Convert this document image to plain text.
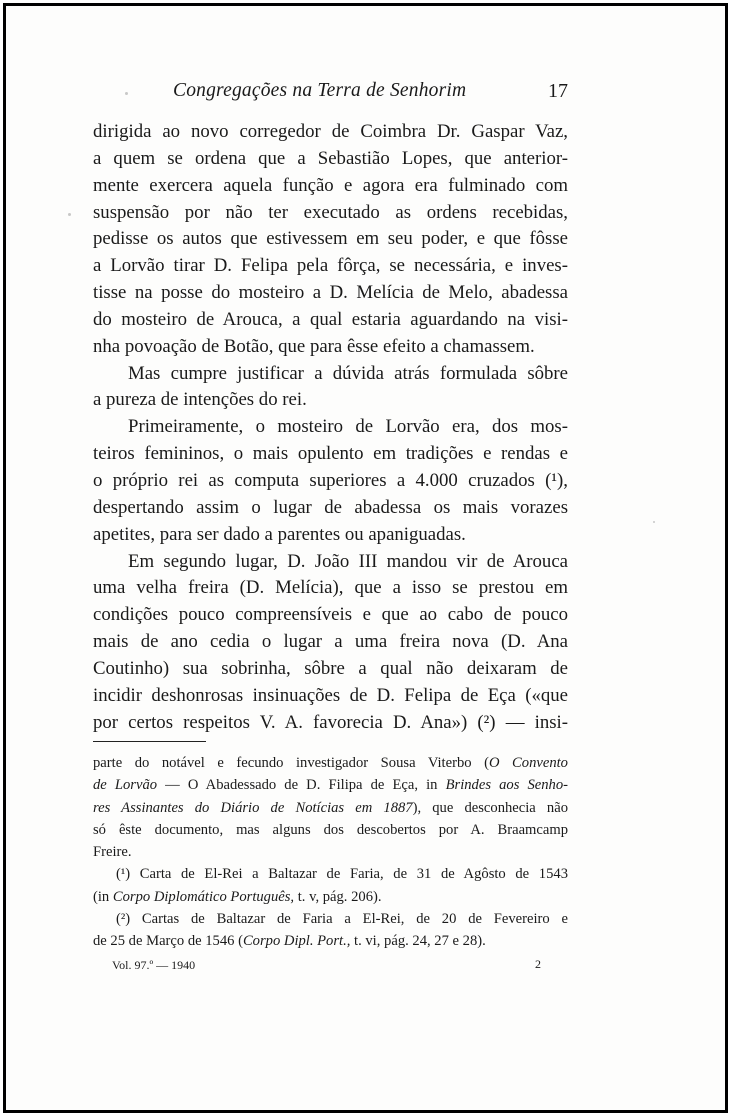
Congregações na Terra de Senhorim	17
dirigida ao novo corregedor de Coimbra Dr. Gaspar Vaz,
a quem se ordena que a Sebastião Lopes, que anterior-
mente exercera aquela função e agora era fulminado com
suspensão por não ter executado as ordens recebidas,
pedisse os autos que estivessem em seu poder, e que fôsse
a Lorvão tirar D. Felipa pela fôrça, se necessária, e inves-
tisse na posse do mosteiro a D. Melícia de Melo, abadessa
do mosteiro de Arouca, a qual estaria aguardando na visi-
nha povoação de Botão, que para êsse efeito a chamassem.
Mas cumpre justificar a dúvida atrás formulada sôbre
a pureza de intenções do rei.
Primeiramente, o mosteiro de Lorvão era, dos mos-
teiros femininos, o mais opulento em tradições e rendas e
o próprio rei as computa superiores a 4.000 cruzados (¹),
despertando assim o lugar de abadessa os mais vorazes
apetites, para ser dado a parentes ou apaniguadas.
Em segundo lugar, D. João III mandou vir de Arouca
uma velha freira (D. Melícia), que a isso se prestou em
condições pouco compreensíveis e que ao cabo de pouco
mais de ano cedia o lugar a uma freira nova (D. Ana
Coutinho) sua sobrinha, sôbre a qual não deixaram de
incidir deshonrosas insinuações de D. Felipa de Eça («que
por certos respeitos V. A. favorecia D. Ana») (²) — insi-
parte do notável e fecundo investigador Sousa Viterbo (O Convento
de Lorvão — O Abadessado de D. Filipa de Eça, in Brindes aos Senho-
res Assinantes do Diário de Notícias em 1887), que desconhecia não
só êste documento, mas alguns dos descobertos por A. Braamcamp
Freire.
(¹) Carta de El-Rei a Baltazar de Faria, de 31 de Agôsto de 1543
(in Corpo Diplomático Português, t. v, pág. 206).
(²) Cartas de Baltazar de Faria a El-Rei, de 20 de Fevereiro e
de 25 de Março de 1546 (Corpo Dipl. Port., t. vi, pág. 24, 27 e 28).
Vol. 97.º — 1940	2
